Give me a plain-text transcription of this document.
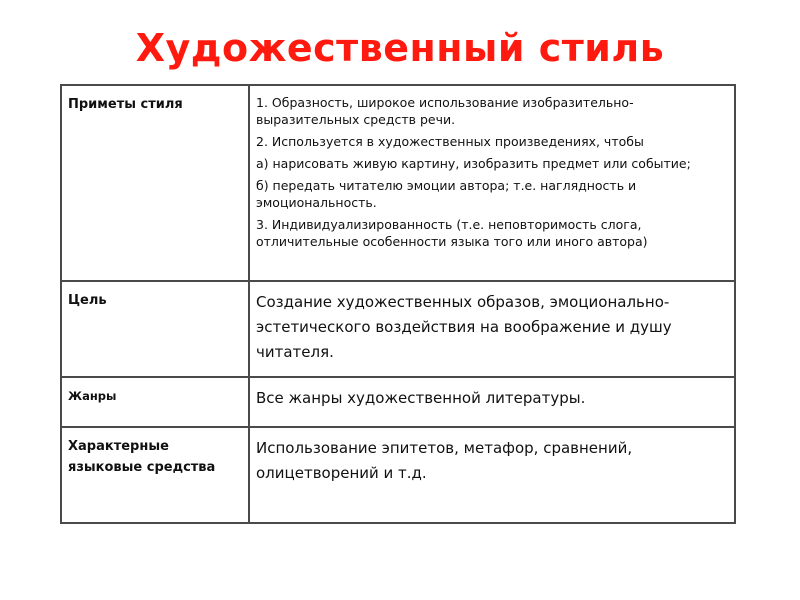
Художественный стиль
Приметы стиля	1. Образность, широкое использование изобразительно-выразительных средств речи.

2. Используется в художественных произведениях, чтобы

а) нарисовать живую картину, изобразить предмет или событие;

б) передать читателю эмоции автора; т.е. наглядность и эмоциональность.

3. Индивидуализированность (т.е. неповторимость слога, отличительные особенности языка того или иного автора)

Цель	Создание художественных образов, эмоционально-эстетического воздействия на воображение и душу читателя.
Жанры	Все жанры художественной литературы.
Характерные языковые средства	Использование эпитетов, метафор, сравнений, олицетворений и т.д.
